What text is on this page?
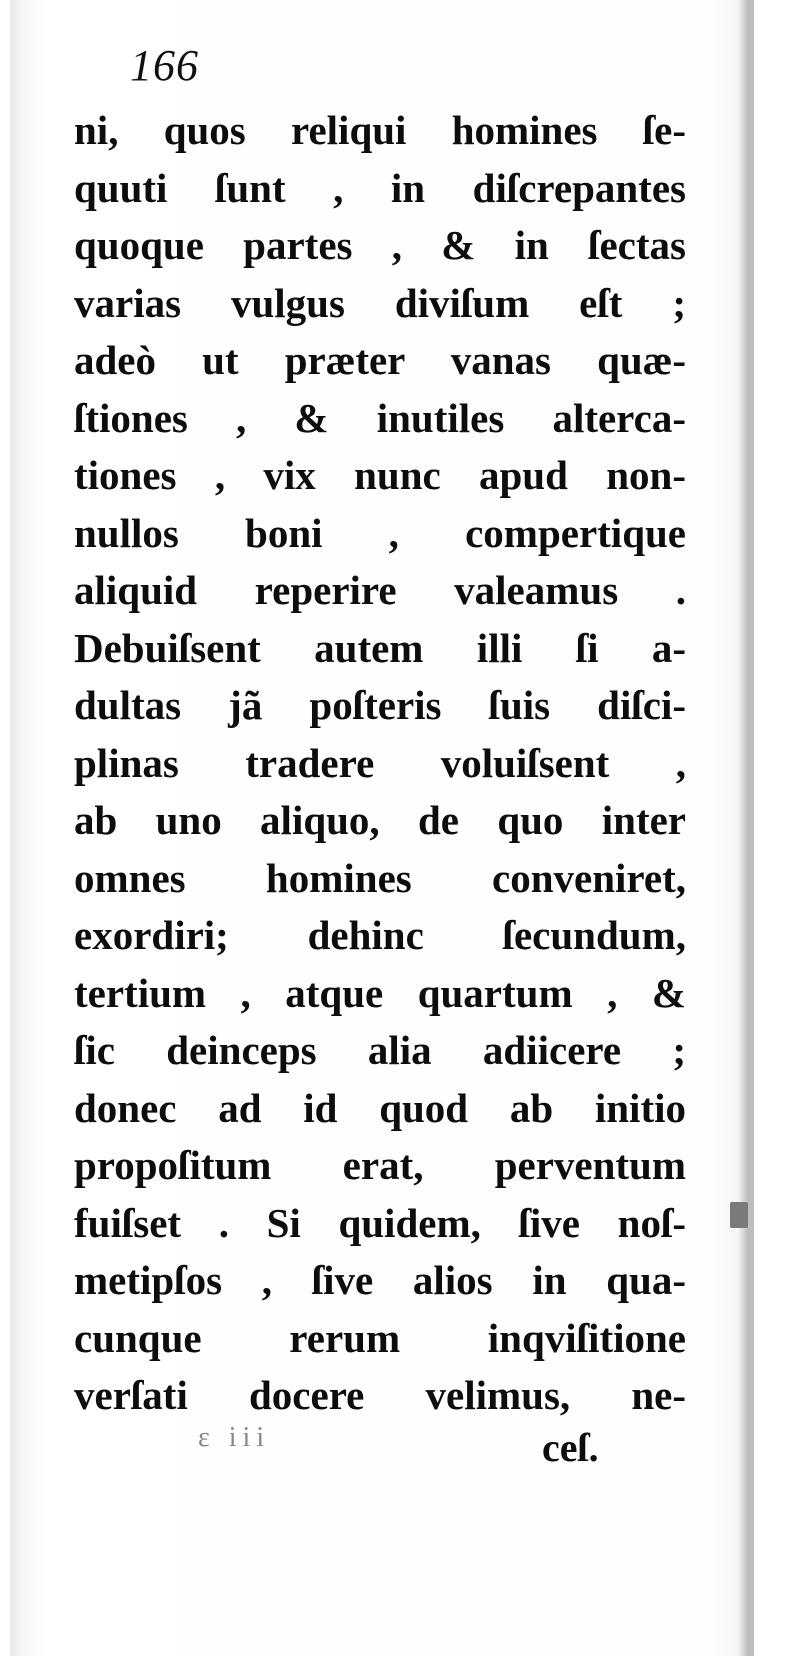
166
ni, quos reliqui homines ſe-
quuti ſunt , in diſcrepantes
quoque partes , & in ſectas
varias vulgus diviſum eſt ;
adeò ut præter vanas quæ-
ſtiones , & inutiles alterca-
tiones , vix nunc apud non-
nullos boni , compertique
aliquid reperire valeamus .
Debuiſsent autem illi ſi a-
dultas jã poſteris ſuis diſci-
plinas tradere voluiſsent ,
ab uno aliquo, de quo inter
omnes homines conveniret,
exordiri; dehinc ſecundum,
tertium , atque quartum , &
ſic deinceps alia adiicere ;
donec ad id quod ab initio
propoſitum erat, perventum
fuiſset . Si quidem, ſive noſ-
metipſos , ſive alios in qua-
cunque rerum inqviſitione
verſati docere velimus, ne-
ε iii	ceſ.
